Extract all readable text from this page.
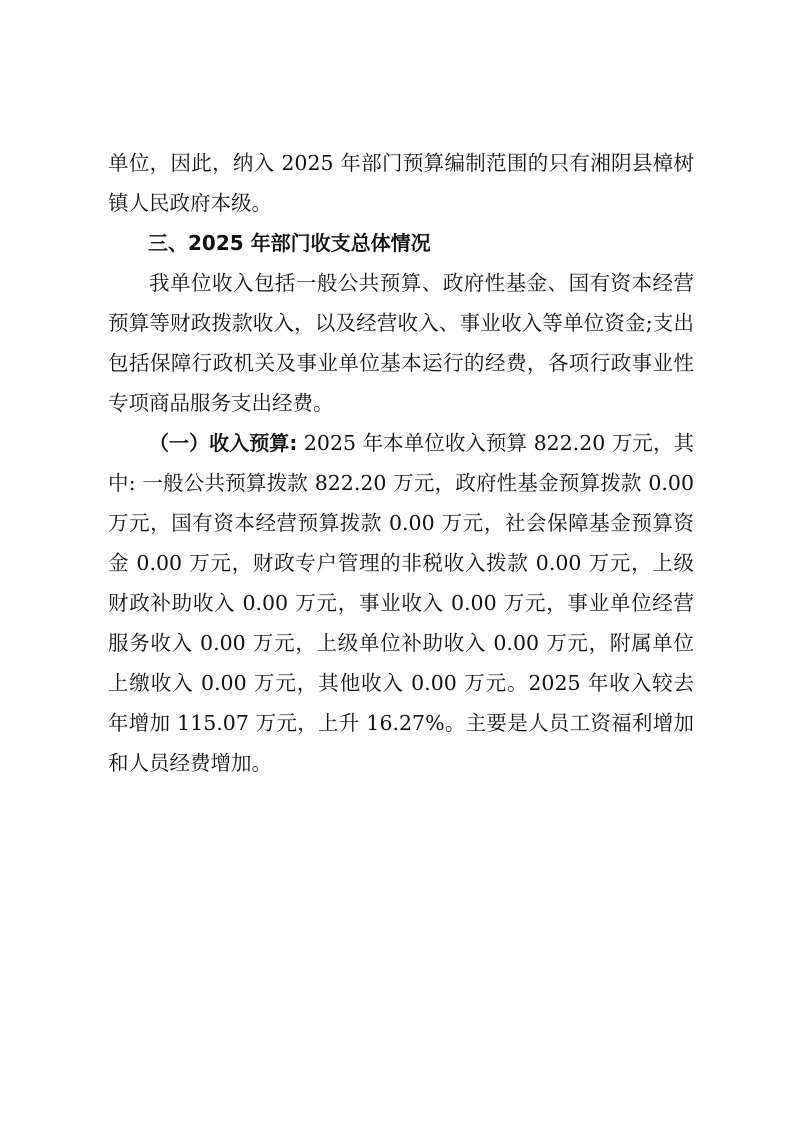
单位，因此，纳入 2025 年部门预算编制范围的只有湘阴县樟树镇人民政府本级。

三、2025 年部门收支总体情况

我单位收入包括一般公共预算、政府性基金、国有资本经营预算等财政拨款收入，以及经营收入、事业收入等单位资金;支出包括保障行政机关及事业单位基本运行的经费，各项行政事业性专项商品服务支出经费。

（一）收入预算: 2025 年本单位收入预算 822.20 万元，其中: 一般公共预算拨款 822.20 万元，政府性基金预算拨款 0.00 万元，国有资本经营预算拨款 0.00 万元，社会保障基金预算资金 0.00 万元，财政专户管理的非税收入拨款 0.00 万元，上级财政补助收入 0.00 万元，事业收入 0.00 万元，事业单位经营服务收入 0.00 万元，上级单位补助收入 0.00 万元，附属单位上缴收入 0.00 万元，其他收入 0.00 万元。2025 年收入较去年增加 115.07 万元，上升 16.27%。主要是人员工资福利增加和人员经费增加。
